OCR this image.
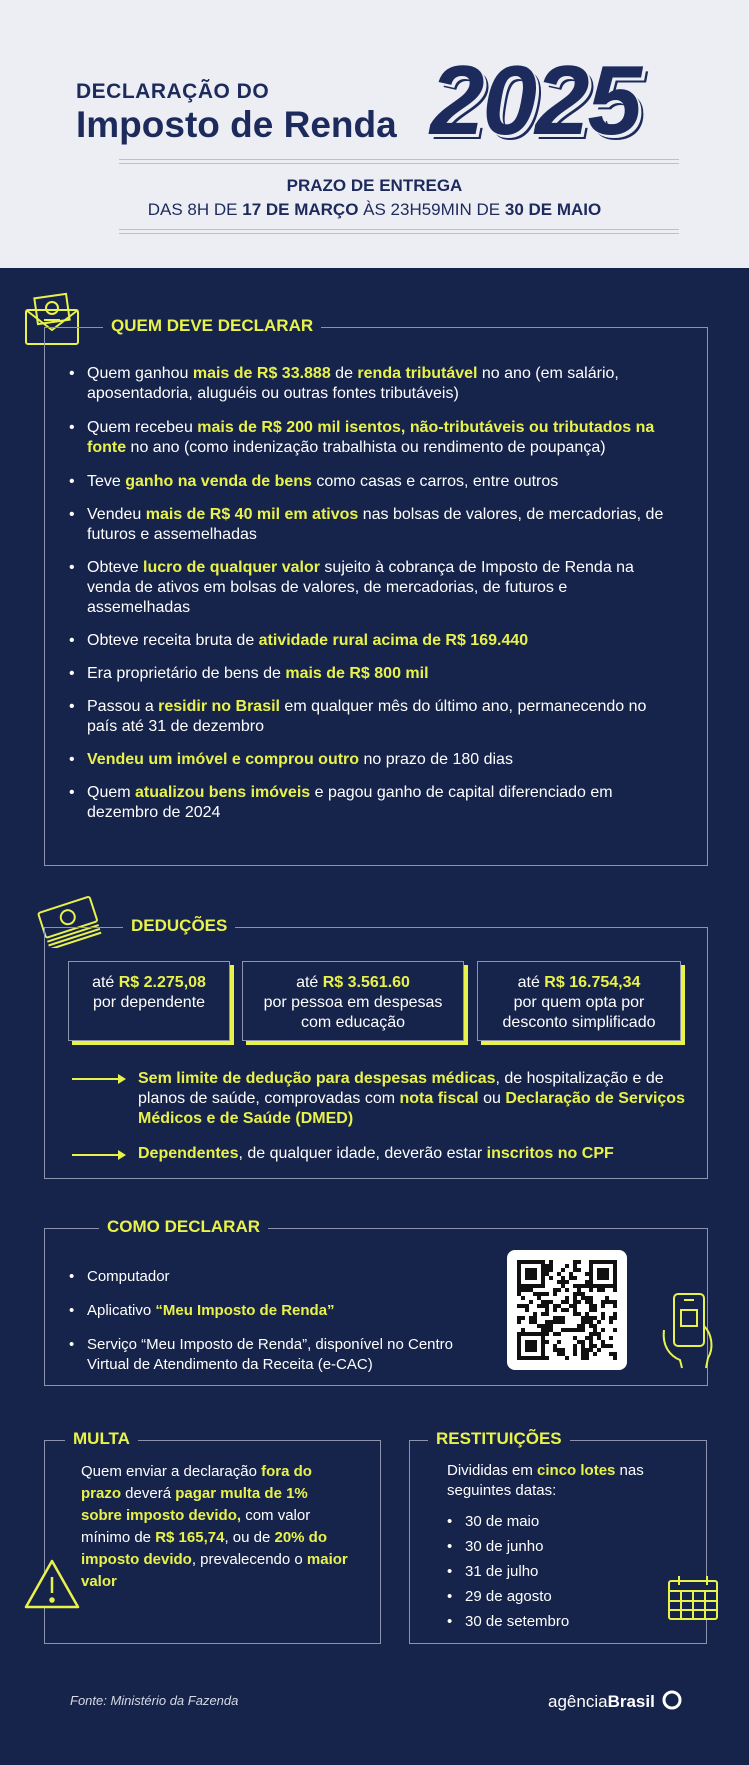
DECLARAÇÃO DO
Imposto de Renda 2025
PRAZO DE ENTREGA
DAS 8H DE 17 DE MARÇO ÀS 23H59MIN DE 30 DE MAIO
QUEM DEVE DECLARAR
• Quem ganhou mais de R$ 33.888 de renda tributável no ano (em salário, aposentadoria, aluguéis ou outras fontes tributáveis)
• Quem recebeu mais de R$ 200 mil isentos, não-tributáveis ou tributados na fonte no ano (como indenização trabalhista ou rendimento de poupança)
• Teve ganho na venda de bens como casas e carros, entre outros
• Vendeu mais de R$ 40 mil em ativos nas bolsas de valores, de mercadorias, de futuros e assemelhadas
• Obteve lucro de qualquer valor sujeito à cobrança de Imposto de Renda na venda de ativos em bolsas de valores, de mercadorias, de futuros e assemelhadas
• Obteve receita bruta de atividade rural acima de R$ 169.440
• Era proprietário de bens de mais de R$ 800 mil
• Passou a residir no Brasil em qualquer mês do último ano, permanecendo no país até 31 de dezembro
• Vendeu um imóvel e comprou outro no prazo de 180 dias
• Quem atualizou bens imóveis e pagou ganho de capital diferenciado em dezembro de 2024
DEDUÇÕES
até R$ 2.275,08
por dependente
até R$ 3.561.60
por pessoa em despesas com educação
até R$ 16.754,34
por quem opta por desconto simplificado
Sem limite de dedução para despesas médicas, de hospitalização e de planos de saúde, comprovadas com nota fiscal ou Declaração de Serviços Médicos e de Saúde (DMED)
Dependentes, de qualquer idade, deverão estar inscritos no CPF
COMO DECLARAR
• Computador
• Aplicativo “Meu Imposto de Renda”
• Serviço “Meu Imposto de Renda”, disponível no Centro Virtual de Atendimento da Receita (e-CAC)
MULTA
Quem enviar a declaração fora do prazo deverá pagar multa de 1% sobre imposto devido, com valor mínimo de R$ 165,74, ou de 20% do imposto devido, prevalecendo o maior valor
RESTITUIÇÕES
Divididas em cinco lotes nas seguintes datas:
• 30 de maio
• 30 de junho
• 31 de julho
• 29 de agosto
• 30 de setembro
Fonte: Ministério da Fazenda	agênciaBrasil
